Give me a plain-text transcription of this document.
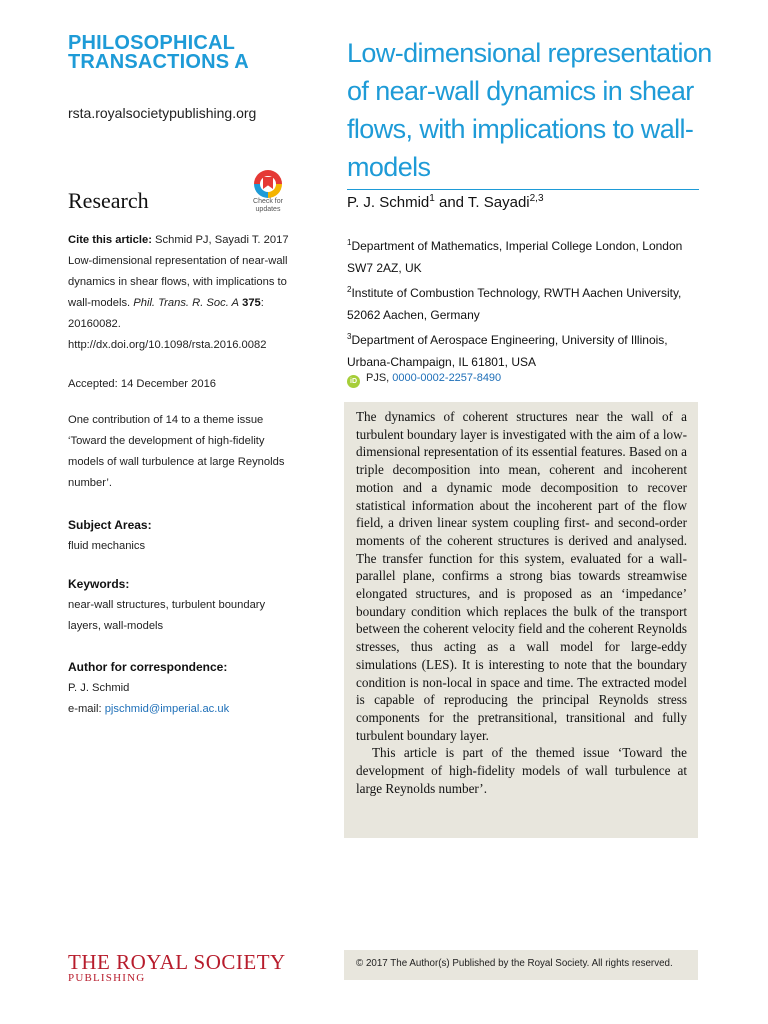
PHILOSOPHICAL
TRANSACTIONS A
rsta.royalsocietypublishing.org
Research	Check for
updates
Cite this article: Schmid PJ, Sayadi T. 2017 Low-dimensional representation of near-wall dynamics in shear flows, with implications to wall-models. Phil. Trans. R. Soc. A 375: 20160082. http://dx.doi.org/10.1098/rsta.2016.0082
Accepted: 14 December 2016
One contribution of 14 to a theme issue ‘Toward the development of high-fidelity models of wall turbulence at large Reynolds number’.
Subject Areas:
fluid mechanics
Keywords:
near-wall structures, turbulent boundary layers, wall-models
Author for correspondence:
P. J. Schmid
e-mail: pjschmid@imperial.ac.uk
THE ROYAL SOCIETY
PUBLISHING
Low-dimensional representation of near-wall dynamics in shear flows, with implications to wall-models
P. J. Schmid$^1$ and T. Sayadi$^{2,3}$
$^1$Department of Mathematics, Imperial College London, London SW7 2AZ, UK
$^2$Institute of Combustion Technology, RWTH Aachen University, 52062 Aachen, Germany
$^3$Department of Aerospace Engineering, University of Illinois, Urbana-Champaign, IL 61801, USA
iD PJS, 0000-0002-2257-8490

The dynamics of coherent structures near the wall of a turbulent boundary layer is investigated with the aim of a low-dimensional representation of its essential features. Based on a triple decomposition into mean, coherent and incoherent motion and a dynamic mode decomposition to recover statistical information about the incoherent part of the flow field, a driven linear system coupling first- and second-order moments of the coherent structures is derived and analysed. The transfer function for this system, evaluated for a wall-parallel plane, confirms a strong bias towards streamwise elongated structures, and is proposed as an ‘impedance’ boundary condition which replaces the bulk of the transport between the coherent velocity field and the coherent Reynolds stresses, thus acting as a wall model for large-eddy simulations (LES). It is interesting to note that the boundary condition is non-local in space and time. The extracted model is capable of reproducing the principal Reynolds stress components for the pretransitional, transitional and fully turbulent boundary layer.

This article is part of the themed issue ‘Toward the development of high-fidelity models of wall turbulence at large Reynolds number’.

© 2017 The Author(s) Published by the Royal Society. All rights reserved.
